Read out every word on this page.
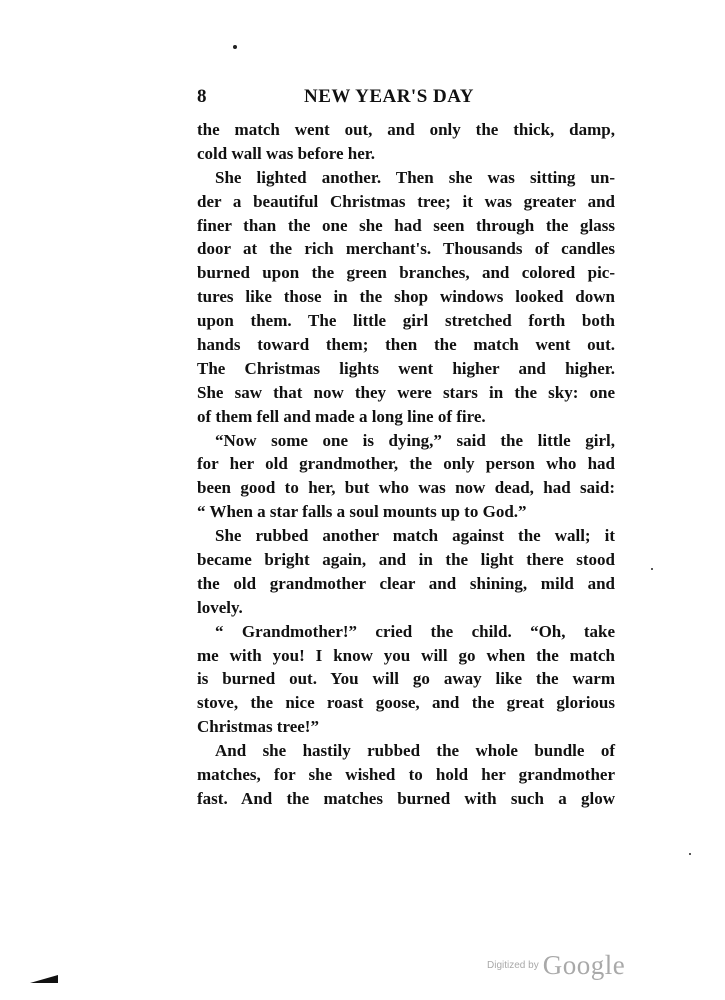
8	NEW YEAR'S DAY
the match went out, and only the thick, damp,
cold wall was before her.
She lighted another. Then she was sitting un-
der a beautiful Christmas tree; it was greater and
finer than the one she had seen through the glass
door at the rich merchant's. Thousands of candles
burned upon the green branches, and colored pic-
tures like those in the shop windows looked down
upon them. The little girl stretched forth both
hands toward them; then the match went out.
The Christmas lights went higher and higher.
She saw that now they were stars in the sky: one
of them fell and made a long line of fire.
“Now some one is dying,” said the little girl,
for her old grandmother, the only person who had
been good to her, but who was now dead, had said:
“ When a star falls a soul mounts up to God.”
She rubbed another match against the wall; it
became bright again, and in the light there stood
the old grandmother clear and shining, mild and
lovely.
“ Grandmother!” cried the child. “Oh, take
me with you! I know you will go when the match
is burned out. You will go away like the warm
stove, the nice roast goose, and the great glorious
Christmas tree!”
And she hastily rubbed the whole bundle of
matches, for she wished to hold her grandmother
fast. And the matches burned with such a glow
Digitized by Google
